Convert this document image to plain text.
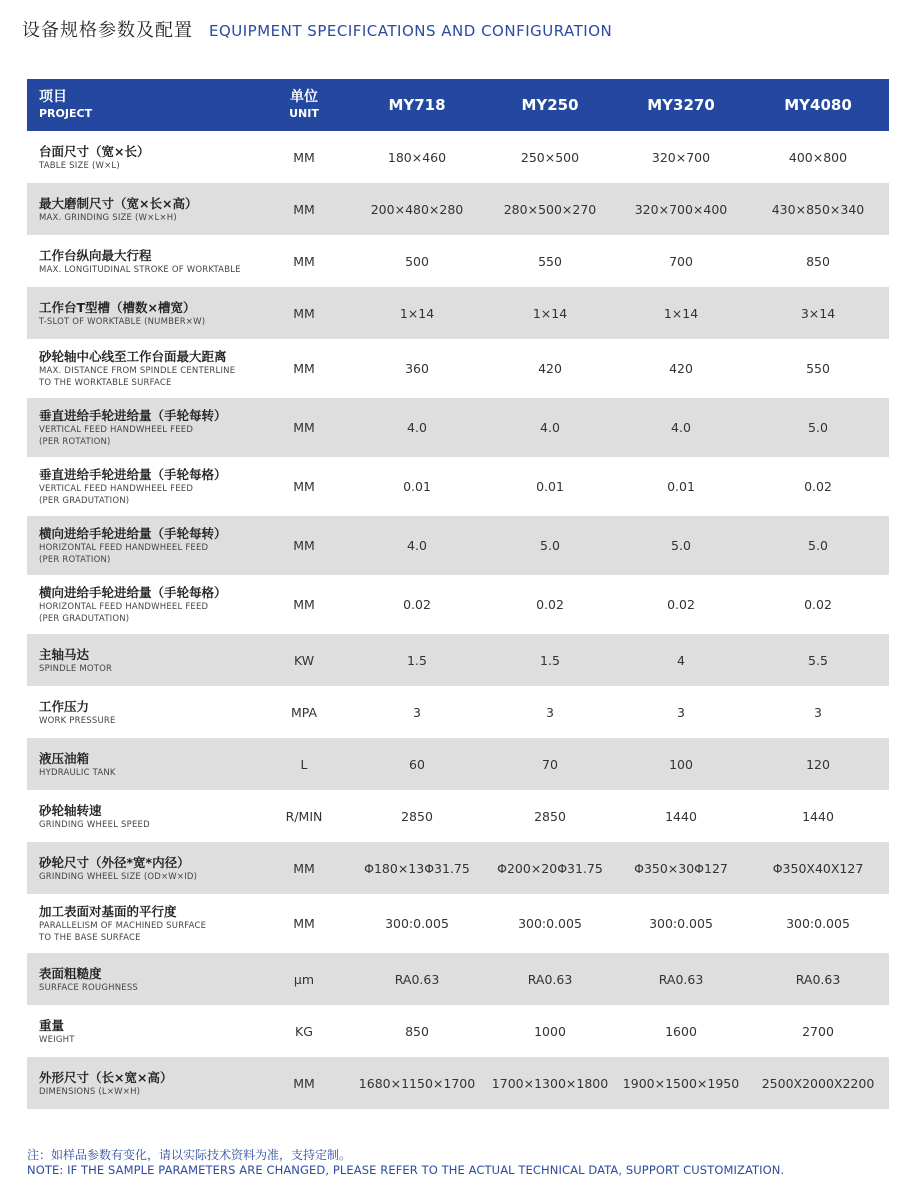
设备规格参数及配置 EQUIPMENT SPECIFICATIONS AND CONFIGURATION
项目
PROJECT	单位
UNIT	MY718	MY250	MY3270	MY4080

台面尺寸（宽×长）
TABLE SIZE (W×L)	MM	180×460	250×500	320×700	400×800

最大磨制尺寸（宽×长×高）
MAX. GRINDING SIZE (W×L×H)	MM	200×480×280	280×500×270	320×700×400	430×850×340

工作台纵向最大行程
MAX. LONGITUDINAL STROKE OF WORKTABLE	MM	500	550	700	850

工作台T型槽（槽数×槽宽）
T-SLOT OF WORKTABLE (NUMBER×W)	MM	1×14	1×14	1×14	3×14

砂轮轴中心线至工作台面最大距离
MAX. DISTANCE FROM SPINDLE CENTERLINE
TO THE WORKTABLE SURFACE	MM	360	420	420	550

垂直进给手轮进给量（手轮每转）
VERTICAL FEED HANDWHEEL FEED
(PER ROTATION)	MM	4.0	4.0	4.0	5.0

垂直进给手轮进给量（手轮每格）
VERTICAL FEED HANDWHEEL FEED
(PER GRADUTATION)	MM	0.01	0.01	0.01	0.02

横向进给手轮进给量（手轮每转）
HORIZONTAL FEED HANDWHEEL FEED
(PER ROTATION)	MM	4.0	5.0	5.0	5.0

横向进给手轮进给量（手轮每格）
HORIZONTAL FEED HANDWHEEL FEED
(PER GRADUTATION)	MM	0.02	0.02	0.02	0.02

主轴马达
SPINDLE MOTOR	KW	1.5	1.5	4	5.5

工作压力
WORK PRESSURE	MPA	3	3	3	3

液压油箱
HYDRAULIC TANK	L	60	70	100	120

砂轮轴转速
GRINDING WHEEL SPEED	R/MIN	2850	2850	1440	1440

砂轮尺寸（外径*宽*内径）
GRINDING WHEEL SIZE (OD×W×ID)	MM	Φ180×13Φ31.75	Φ200×20Φ31.75	Φ350×30Φ127	Φ350X40X127

加工表面对基面的平行度
PARALLELISM OF MACHINED SURFACE
TO THE BASE SURFACE	MM	300:0.005	300:0.005	300:0.005	300:0.005

表面粗糙度
SURFACE ROUGHNESS	μm	RA0.63	RA0.63	RA0.63	RA0.63

重量
WEIGHT	KG	850	1000	1600	2700

外形尺寸（长×宽×高）
DIMENSIONS (L×W×H)	MM	1680×1150×1700	1700×1300×1800	1900×1500×1950	2500X2000X2200
注：如样品参数有变化，请以实际技术资料为准，支持定制。
NOTE: IF THE SAMPLE PARAMETERS ARE CHANGED, PLEASE REFER TO THE ACTUAL TECHNICAL DATA, SUPPORT CUSTOMIZATION.
